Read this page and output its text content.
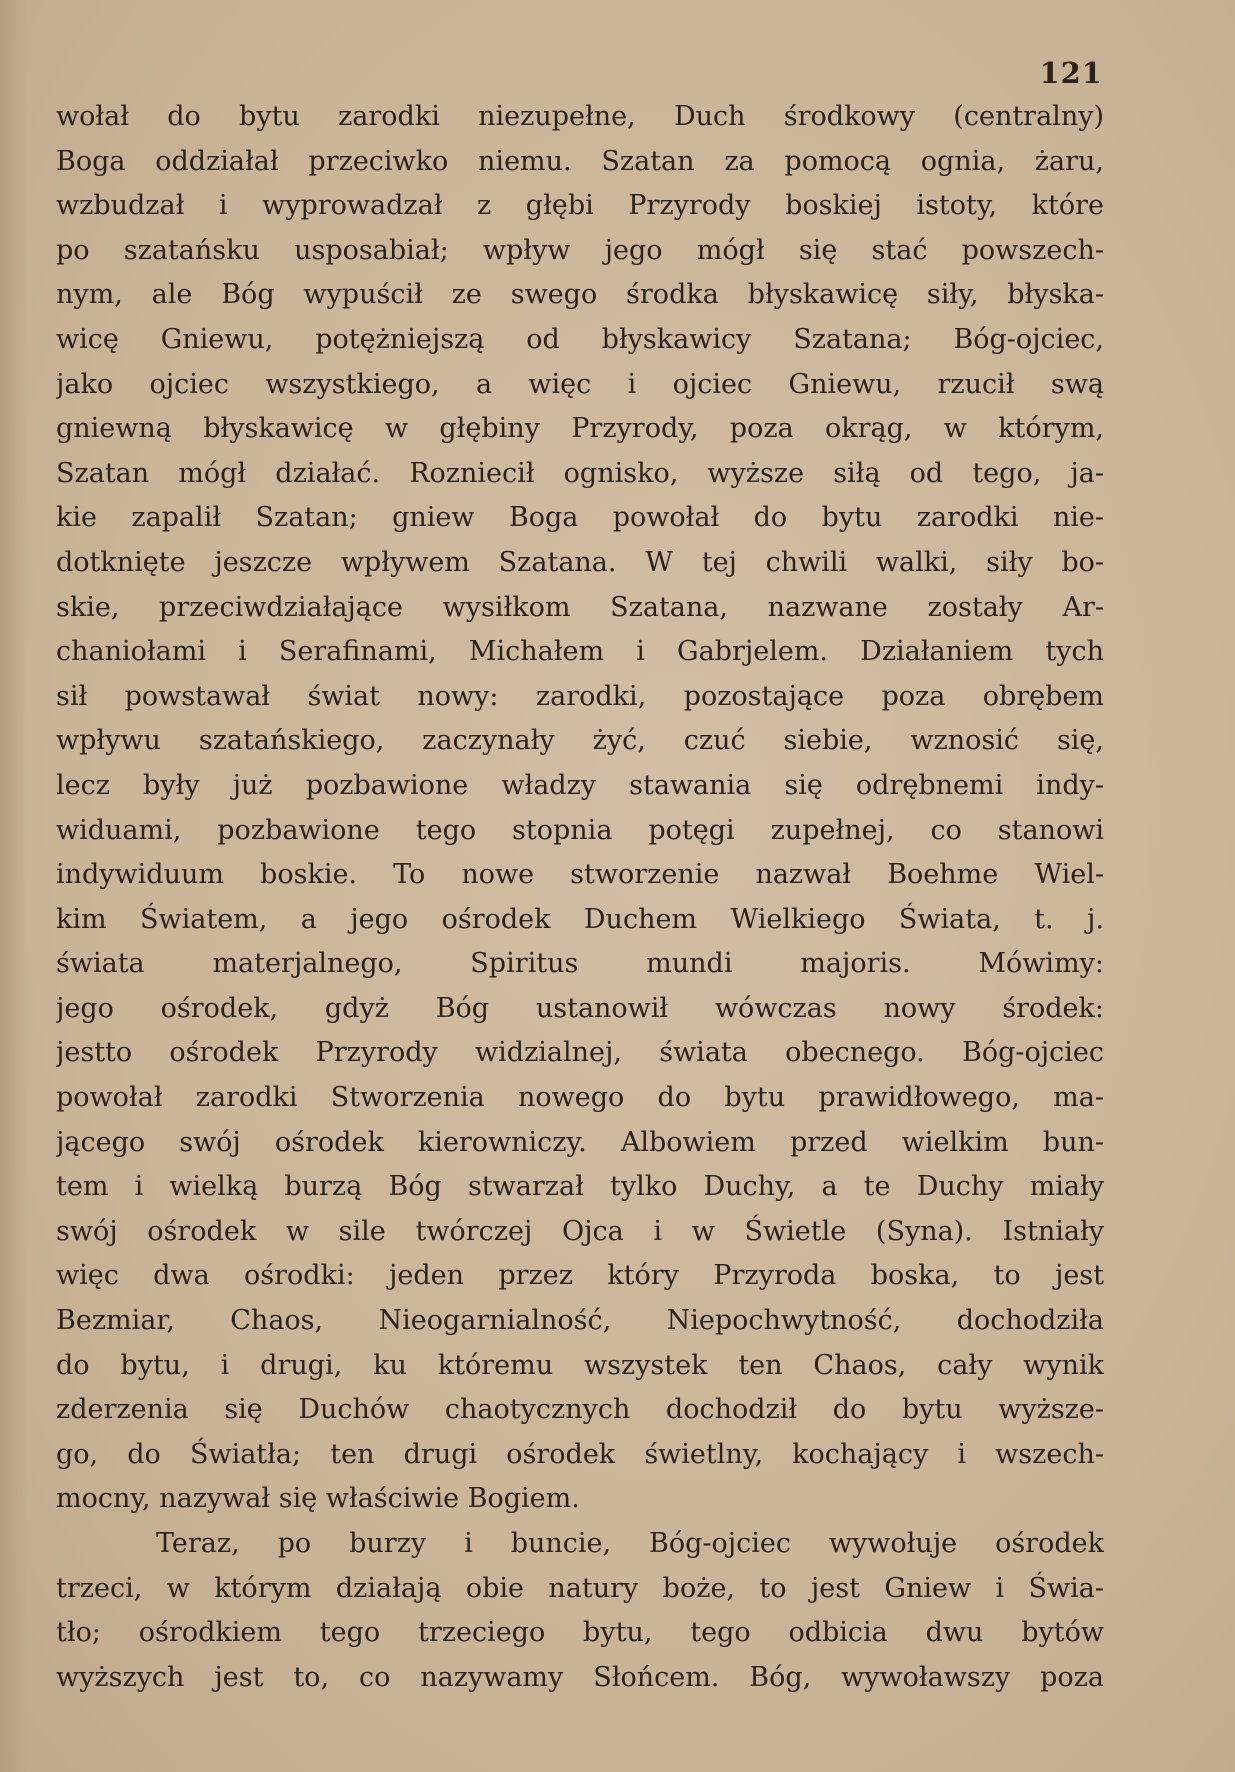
121
wołał do bytu zarodki niezupełne, Duch środkowy (centralny)
Boga oddziałał przeciwko niemu. Szatan za pomocą ognia, żaru,
wzbudzał i wyprowadzał z głębi Przyrody boskiej istoty, które
po szatańsku usposabiał; wpływ jego mógł się stać powszech-
nym, ale Bóg wypuścił ze swego środka błyskawicę siły, błyska-
wicę Gniewu, potężniejszą od błyskawicy Szatana; Bóg-ojciec,
jako ojciec wszystkiego, a więc i ojciec Gniewu, rzucił swą
gniewną błyskawicę w głębiny Przyrody, poza okrąg, w którym,
Szatan mógł działać. Rozniecił ognisko, wyższe siłą od tego, ja-
kie zapalił Szatan; gniew Boga powołał do bytu zarodki nie-
dotknięte jeszcze wpływem Szatana. W tej chwili walki, siły bo-
skie, przeciwdziałające wysiłkom Szatana, nazwane zostały Ar-
chaniołami i Serafinami, Michałem i Gabrjelem. Działaniem tych
sił powstawał świat nowy: zarodki, pozostające poza obrębem
wpływu szatańskiego, zaczynały żyć, czuć siebie, wznosić się,
lecz były już pozbawione władzy stawania się odrębnemi indy-
widuami, pozbawione tego stopnia potęgi zupełnej, co stanowi
indywiduum boskie. To nowe stworzenie nazwał Boehme Wiel-
kim Światem, a jego ośrodek Duchem Wielkiego Świata, t. j.
świata materjalnego, Spiritus mundi majoris. Mówimy:
jego ośrodek, gdyż Bóg ustanowił wówczas nowy środek:
jestto ośrodek Przyrody widzialnej, świata obecnego. Bóg-ojciec
powołał zarodki Stworzenia nowego do bytu prawidłowego, ma-
jącego swój ośrodek kierowniczy. Albowiem przed wielkim bun-
tem i wielką burzą Bóg stwarzał tylko Duchy, a te Duchy miały
swój ośrodek w sile twórczej Ojca i w Świetle (Syna). Istniały
więc dwa ośrodki: jeden przez który Przyroda boska, to jest
Bezmiar, Chaos, Nieogarnialność, Niepochwytność, dochodziła
do bytu, i drugi, ku któremu wszystek ten Chaos, cały wynik
zderzenia się Duchów chaotycznych dochodził do bytu wyższe-
go, do Światła; ten drugi ośrodek świetlny, kochający i wszech-
mocny, nazywał się właściwie Bogiem.
Teraz, po burzy i buncie, Bóg-ojciec wywołuje ośrodek
trzeci, w którym działają obie natury boże, to jest Gniew i Świa-
tło; ośrodkiem tego trzeciego bytu, tego odbicia dwu bytów
wyższych jest to, co nazywamy Słońcem. Bóg, wywoławszy poza
